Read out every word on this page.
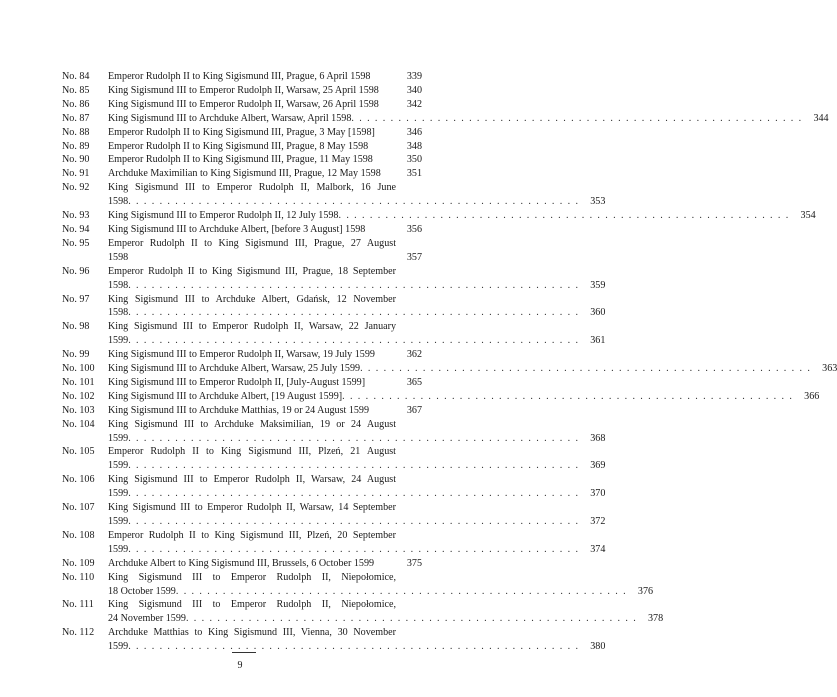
No. 84	Emperor Rudolph II to King Sigismund III, Prague, 6 April 1598	339
No. 85	King Sigismund III to Emperor Rudolph II, Warsaw, 25 April 1598	340
No. 86	King Sigismund III to Emperor Rudolph II, Warsaw, 26 April 1598	342
No. 87	King Sigismund III to Archduke Albert, Warsaw, April 1598 . . . . . . . . . . . . . . . . . . . . . . . . . . . . . . . . . . . . . . . . . . . . . . . . . . . . . . . . . .	344
No. 88	Emperor Rudolph II to King Sigismund III, Prague, 3 May [1598]	346
No. 89	Emperor Rudolph II to King Sigismund III, Prague, 8 May 1598	348
No. 90	Emperor Rudolph II to King Sigismund III, Prague, 11 May 1598	350
No. 91	Archduke Maximilian to King Sigismund III, Prague, 12 May 1598	351
No. 92	King Sigismund III to Emperor Rudolph II, Malbork, 16 June
1598 . . . . . . . . . . . . . . . . . . . . . . . . . . . . . . . . . . . . . . . . . . . . . . . . . . . . . . . . . .	353
No. 93	King Sigismund III to Emperor Rudolph II, 12 July 1598 . . . . . . . . . . . . . . . . . . . . . . . . . . . . . . . . . . . . . . . . . . . . . . . . . . . . . . . . . .	354
No. 94	King Sigismund III to Archduke Albert, [before 3 August] 1598	356
No. 95	Emperor Rudolph II to King Sigismund III, Prague, 27 August
1598	357
No. 96	Emperor Rudolph II to King Sigismund III, Prague, 18 September
1598 . . . . . . . . . . . . . . . . . . . . . . . . . . . . . . . . . . . . . . . . . . . . . . . . . . . . . . . . . .	359
No. 97	King Sigismund III to Archduke Albert, Gdańsk, 12 November
1598 . . . . . . . . . . . . . . . . . . . . . . . . . . . . . . . . . . . . . . . . . . . . . . . . . . . . . . . . . .	360
No. 98	King Sigismund III to Emperor Rudolph II, Warsaw, 22 January
1599 . . . . . . . . . . . . . . . . . . . . . . . . . . . . . . . . . . . . . . . . . . . . . . . . . . . . . . . . . .	361
No. 99	King Sigismund III to Emperor Rudolph II, Warsaw, 19 July 1599	362
No. 100	King Sigismund III to Archduke Albert, Warsaw, 25 July 1599 . . . . . . . . . . . . . . . . . . . . . . . . . . . . . . . . . . . . . . . . . . . . . . . . . . . . . . . . . .	363
No. 101	King Sigismund III to Emperor Rudolph II, [July-August 1599]	365
No. 102	King Sigismund III to Archduke Albert, [19 August 1599] . . . . . . . . . . . . . . . . . . . . . . . . . . . . . . . . . . . . . . . . . . . . . . . . . . . . . . . . . .	366
No. 103	King Sigismund III to Archduke Matthias, 19 or 24 August 1599	367
No. 104	King Sigismund III to Archduke Maksimilian, 19 or 24 August
1599 . . . . . . . . . . . . . . . . . . . . . . . . . . . . . . . . . . . . . . . . . . . . . . . . . . . . . . . . . .	368
No. 105	Emperor Rudolph II to King Sigismund III, Plzeń, 21 August
1599 . . . . . . . . . . . . . . . . . . . . . . . . . . . . . . . . . . . . . . . . . . . . . . . . . . . . . . . . . .	369
No. 106	King Sigismund III to Emperor Rudolph II, Warsaw, 24 August
1599 . . . . . . . . . . . . . . . . . . . . . . . . . . . . . . . . . . . . . . . . . . . . . . . . . . . . . . . . . .	370
No. 107	King Sigismund III to Emperor Rudolph II, Warsaw, 14 September
1599 . . . . . . . . . . . . . . . . . . . . . . . . . . . . . . . . . . . . . . . . . . . . . . . . . . . . . . . . . .	372
No. 108	Emperor Rudolph II to King Sigismund III, Plzeń, 20 September
1599 . . . . . . . . . . . . . . . . . . . . . . . . . . . . . . . . . . . . . . . . . . . . . . . . . . . . . . . . . .	374
No. 109	Archduke Albert to King Sigismund III, Brussels, 6 October 1599	375
No. 110	King Sigismund III to Emperor Rudolph II, Niepołomice,
18 October 1599 . . . . . . . . . . . . . . . . . . . . . . . . . . . . . . . . . . . . . . . . . . . . . . . . . . . . . . . . . .	376
No. 111	King Sigismund III to Emperor Rudolph II, Niepołomice,
24 November 1599 . . . . . . . . . . . . . . . . . . . . . . . . . . . . . . . . . . . . . . . . . . . . . . . . . . . . . . . . . .	378
No. 112	Archduke Matthias to King Sigismund III, Vienna, 30 November
1599 . . . . . . . . . . . . . . . . . . . . . . . . . . . . . . . . . . . . . . . . . . . . . . . . . . . . . . . . . .	380
9
